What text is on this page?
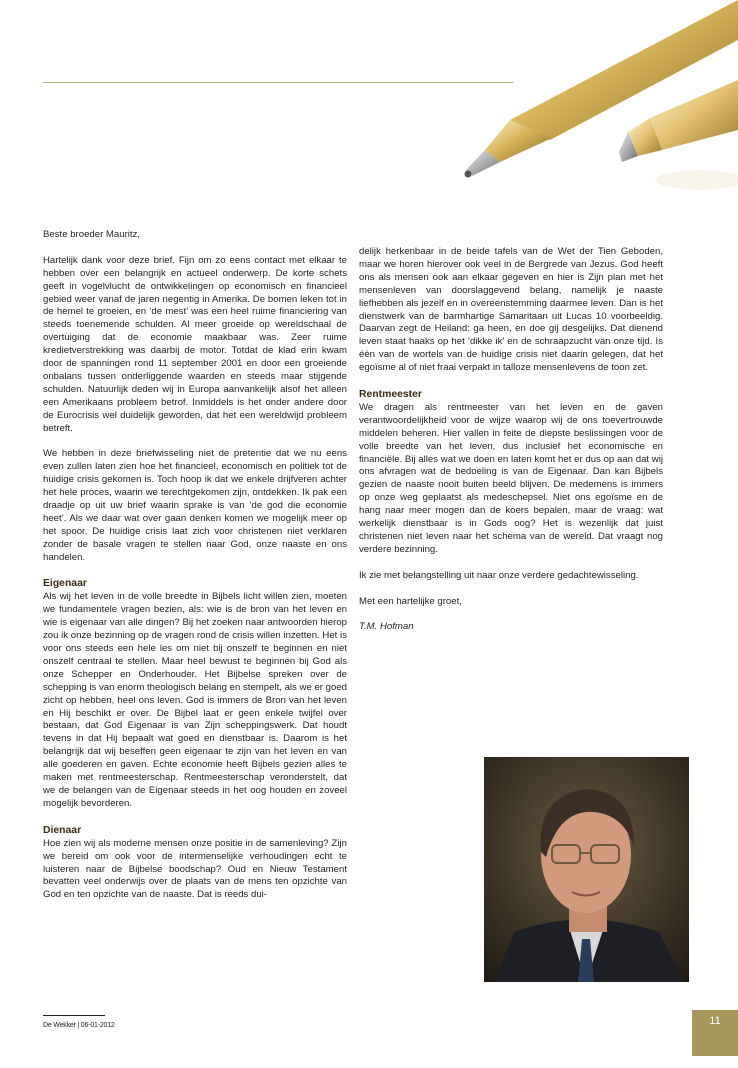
Beste broeder Mauritz,

Hartelijk dank voor deze brief. Fijn om zo eens contact met elkaar te hebben over een belangrijk en actueel onderwerp. De korte schets geeft in vogelvlucht de ontwikkelingen op economisch en financieel gebied weer vanaf de jaren negentig in Amerika. De bomen leken tot in de hemel te groeien, en ‘de mest’ was een heel ruime financiering van steeds toenemende schulden. Al meer groeide op wereldschaal de overtuiging dat de economie maakbaar was. Zeer ruime kredietverstrekking was daarbij de motor. Totdat de klad erin kwam door de spanningen rond 11 september 2001 en door een groeiende onbalans tussen onderliggende waarden en steeds maar stijgende schulden. Natuurlijk deden wij in Europa aanvankelijk alsof het alleen een Amerikaans probleem betrof. Inmiddels is het onder andere door de Eurocrisis wel duidelijk geworden, dat het een wereldwijd probleem betreft.

We hebben in deze briefwisseling niet de pretentie dat we nu eens even zullen laten zien hoe het financieel, economisch en politiek tot de huidige crisis gekomen is. Toch hoop ik dat we enkele drijfveren achter het hele proces, waarin we terechtgekomen zijn, ontdekken. Ik pak een draadje op uit uw brief waarin sprake is van ‘de god die economie heet’. Als we daar wat over gaan denken komen we mogelijk meer op het spoor. De huidige crisis laat zich voor christenen niet verklaren zonder de basale vragen te stellen naar God, onze naaste en ons handelen.

Eigenaar

Als wij het leven in de volle breedte in Bijbels licht willen zien, moeten we fundamentele vragen bezien, als: wie is de bron van het leven en wie is eigenaar van alle dingen? Bij het zoeken naar antwoorden hierop zou ik onze bezinning op de vragen rond de crisis willen inzetten. Het is voor ons steeds een hele les om niet bij onszelf te beginnen en niet onszelf centraal te stellen. Maar heel bewust te beginnen bij God als onze Schepper en Onderhouder. Het Bijbelse spreken over de schepping is van enorm theologisch belang en stempelt, als we er goed zicht op hebben, heel ons leven. God is immers de Bron van het leven en Hij beschikt er over. De Bijbel laat er geen enkele twijfel over bestaan, dat God Eigenaar is van Zijn scheppingswerk. Dat houdt tevens in dat Hij bepaalt wat goed en dienstbaar is. Daarom is het belangrijk dat wij beseffen geen eigenaar te zijn van het leven en van alle goederen en gaven. Echte economie heeft Bijbels gezien alles te maken met rentmeesterschap. Rentmeesterschap veronderstelt, dat we de belangen van de Eigenaar steeds in het oog houden en zoveel mogelijk bevorderen.

Dienaar

Hoe zien wij als moderne mensen onze positie in de samenleving? Zijn we bereid om ook voor de intermenselijke verhoudingen echt te luisteren naar de Bijbelse boodschap? Oud en Nieuw Testament bevatten veel onderwijs over de plaats van de mens ten opzichte van God en ten opzichte van de naaste. Dat is reeds dui-

delijk herkenbaar in de beide tafels van de Wet der Tien Geboden, maar we horen hierover ook veel in de Bergrede van Jezus. God heeft ons als mensen ook aan elkaar gegeven en hier is Zijn plan met het mensenleven van doorslaggevend belang, namelijk je naaste liefhebben als jezelf en in overeenstemming daarmee leven. Dan is het dienstwerk van de barmhartige Samaritaan uit Lucas 10 voorbeeldig. Daarvan zegt de Heiland: ga heen, en doe gij desgelijks. Dat dienend leven staat haaks op het ‘dikke ik’ en de schraapzucht van onze tijd. Is één van de wortels van de huidige crisis niet daarin gelegen, dat het egoïsme al of niet fraai verpakt in talloze mensenlevens de toon zet.

Rentmeester

We dragen als rentmeester van het leven en de gaven verantwoordelijkheid voor de wijze waarop wij de ons toevertrouwde middelen beheren. Hier vallen in feite de diepste beslissingen voor de volle breedte van het leven, dus inclusief het economische en financiële. Bij alles wat we doen en laten komt het er dus op aan dat wij ons afvragen wat de bedoeling is van de Eigenaar. Dan kan Bijbels gezien de naaste nooit buiten beeld blijven. De medemens is immers op onze weg geplaatst als medeschepsel. Niet ons egoïsme en de hang naar meer mogen dan de koers bepalen, maar de vraag: wat werkelijk dienstbaar is in Gods oog? Het is wezenlijk dat juist christenen niet leven naar het schema van de wereld. Dat vraagt nog verdere bezinning.

Ik zie met belangstelling uit naar onze verdere gedachtewisseling.

Met een hartelijke groet,

T.M. Hofman

De Wekker | 06-01-2012	11
